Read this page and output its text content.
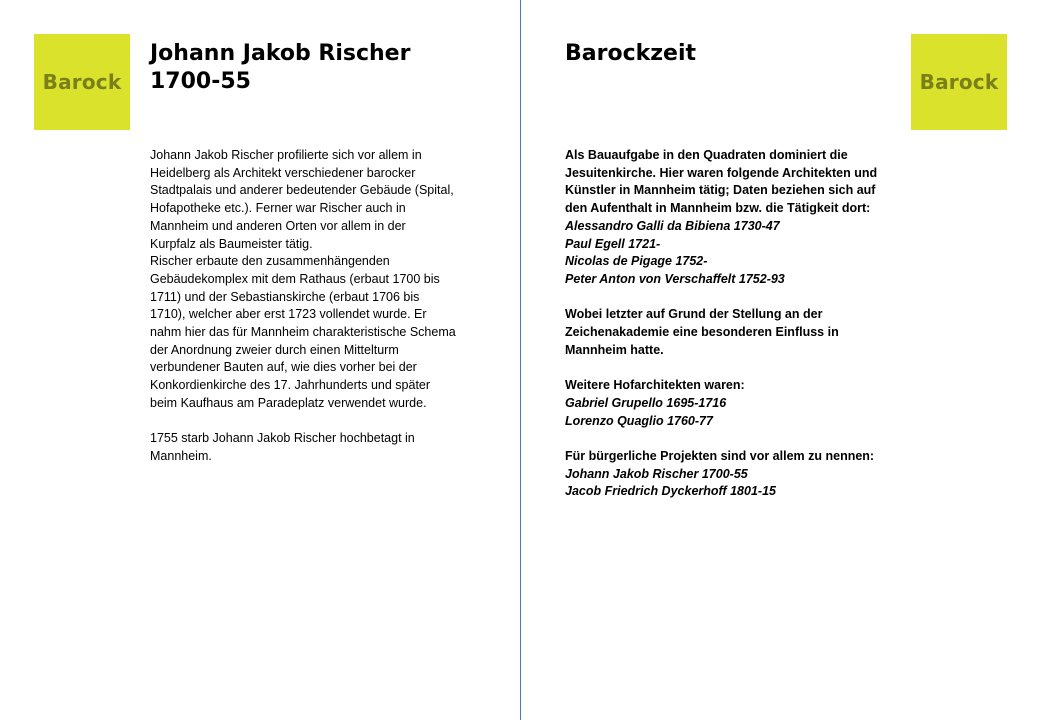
Barock	Barock
Johann Jakob Rischer
1700-55
Barockzeit
Johann Jakob Rischer profilierte sich vor allem in
Heidelberg als Architekt verschiedener barocker
Stadtpalais und anderer bedeutender Gebäude (Spital,
Hofapotheke etc.). Ferner war Rischer auch in
Mannheim und anderen Orten vor allem in der
Kurpfalz als Baumeister tätig.
Rischer erbaute den zusammenhängenden
Gebäudekomplex mit dem Rathaus (erbaut 1700 bis
1711) und der Sebastianskirche (erbaut 1706 bis
1710), welcher aber erst 1723 vollendet wurde. Er
nahm hier das für Mannheim charakteristische Schema
der Anordnung zweier durch einen Mittelturm
verbundener Bauten auf, wie dies vorher bei der
Konkordienkirche des 17. Jahrhunderts und später
beim Kaufhaus am Paradeplatz verwendet wurde.
1755 starb Johann Jakob Rischer hochbetagt in
Mannheim.
Als Bauaufgabe in den Quadraten dominiert die
Jesuitenkirche. Hier waren folgende Architekten und
Künstler in Mannheim tätig; Daten beziehen sich auf
den Aufenthalt in Mannheim bzw. die Tätigkeit dort:
Alessandro Galli da Bibiena 1730-47
Paul Egell 1721-
Nicolas de Pigage 1752-
Peter Anton von Verschaffelt 1752-93
Wobei letzter auf Grund der Stellung an der
Zeichenakademie eine besonderen Einfluss in
Mannheim hatte.
Weitere Hofarchitekten waren:
Gabriel Grupello 1695-1716
Lorenzo Quaglio 1760-77
Für bürgerliche Projekten sind vor allem zu nennen:
Johann Jakob Rischer 1700-55
Jacob Friedrich Dyckerhoff 1801-15
